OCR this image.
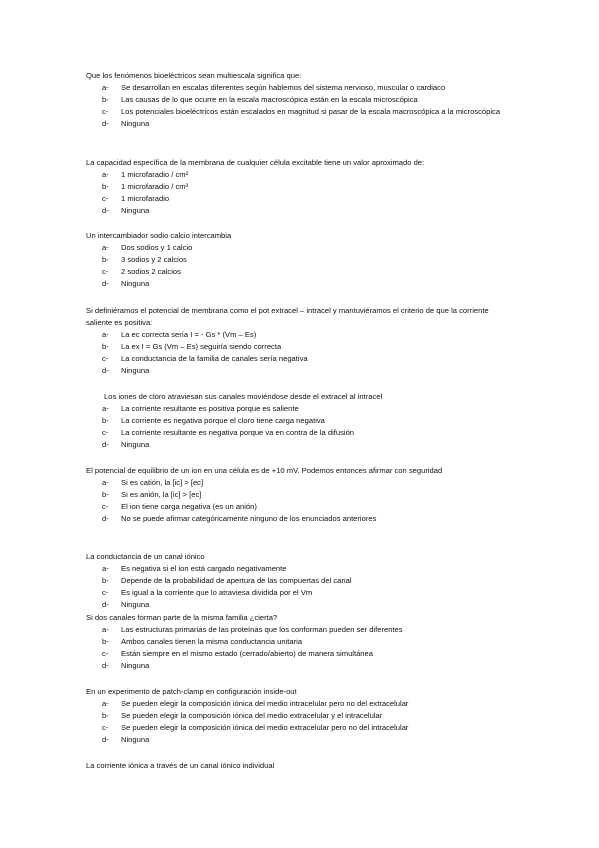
Que los fenómenos bioeléctricos sean multiescala significa que:

a-	Se desarrollan en escalas diferentes según hablemos del sistema nervioso, muscular o cardiaco
b-	Las causas de lo que ocurre en la escala macroscópica están en la escala microscópica
c-	Los potenciales bioeléctricos están escalados en magnitud si pasar de la escala macroscópica a la microscópica
d-	Ninguna

La capacidad específica de la membrana de cualquier célula excitable tiene un valor aproximado de:

a-	1 microfaradio / cm²
b-	1 microfaradio / cm³
c-	1 microfaradio
d-	Ninguna

Un intercambiador sodio calcio intercambia

a-	Dos sodios y 1 calcio
b-	3 sodios y 2 calcios
c-	2 sodios 2 calcios
d-	Ninguna

Si definiéramos el potencial de membrana como el pot extracel – intracel y mantuviéramos el criterio de que la corriente saliente es positiva:

a-	La ec correcta sería I = - Gs * (Vm – Es)
b-	La ex I = Gs (Vm – Es) seguiría siendo correcta
c-	La conductancia de la familia de canales sería negativa
d-	Ninguna

Los iones de cloro atraviesan sus canales moviéndose desde el extracel al intracel

a-	La corriente resultante es positiva porque es saliente
b-	La corriente es negativa porque el cloro tiene carga negativa
c-	La corriente resultante es negativa porque va en contra de la difusión
d-	Ninguna

El potencial de equilibrio de un ion en una célula es de +10 mV. Podemos entonces afirmar con seguridad

a-	Si es catión, la [ic] > [ec]
b-	Si es anión, la [ic] > [ec]
c-	El ion tiene carga negativa (es un anión)
d-	No se puede afirmar categóricamente ninguno de los enunciados anteriores

La conductancia de un canal iónico

a-	Es negativa si el ion está cargado negativamente
b-	Depende de la probabilidad de apertura de las compuertas del canal
c-	Es igual a la corriente que lo atraviesa dividida por el Vm
d-	Ninguna

Si dos canales forman parte de la misma familia ¿cierta?

a-	Las estructuras primarias de las proteínas que los conforman pueden ser diferentes
b-	Ambos canales tienen la misma conductancia unitaria
c-	Están siempre en el mismo estado (cerrado/abierto) de manera simultánea
d-	Ninguna

En un experimento de patch-clamp en configuración inside-out

a-	Se pueden elegir la composición iónica del medio intracelular pero no del extracelular
b-	Se pueden elegir la composición iónica del medio extracelular y el intracelular
c-	Se pueden elegir la composición iónica del medio extracelular pero no del intracelular
d-	Ninguna

La corriente iónica a través de un canal iónico individual
